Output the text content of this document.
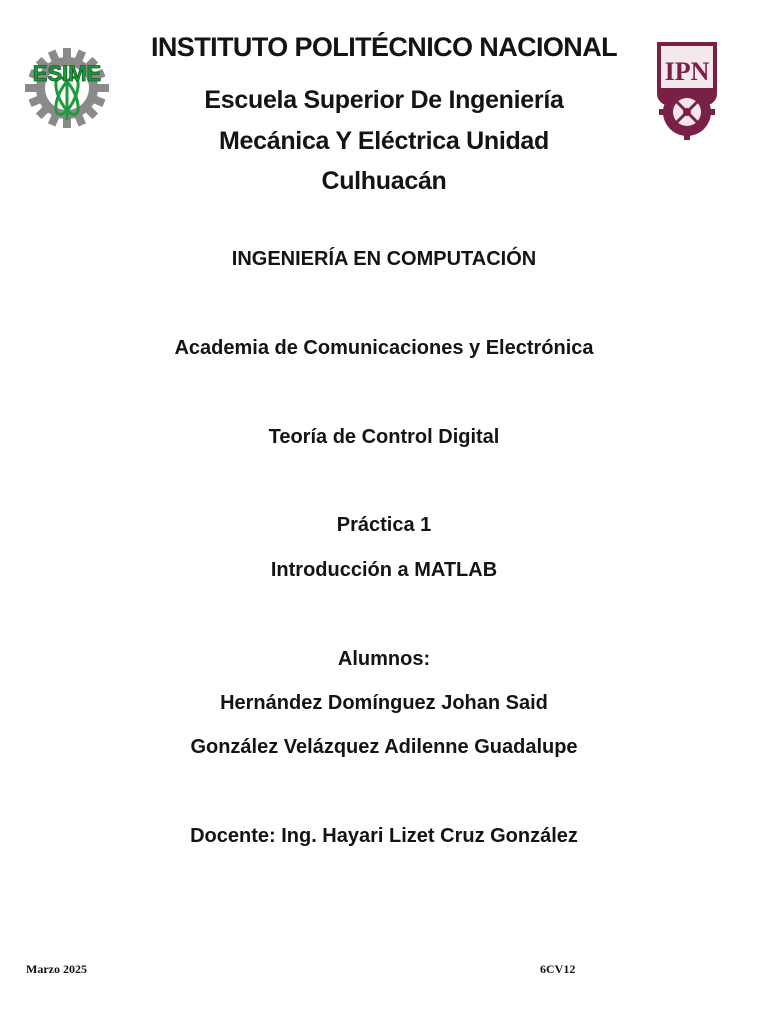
ESIME	IPN
INSTITUTO POLITÉCNICO NACIONAL
Escuela Superior De Ingeniería
Mecánica Y Eléctrica Unidad
Culhuacán
INGENIERÍA EN COMPUTACIÓN
Academia de Comunicaciones y Electrónica
Teoría de Control Digital
Práctica 1
Introducción a MATLAB
Alumnos:
Hernández Domínguez Johan Said
González Velázquez Adilenne Guadalupe
Docente: Ing. Hayari Lizet Cruz González
Marzo 2025	6CV12
